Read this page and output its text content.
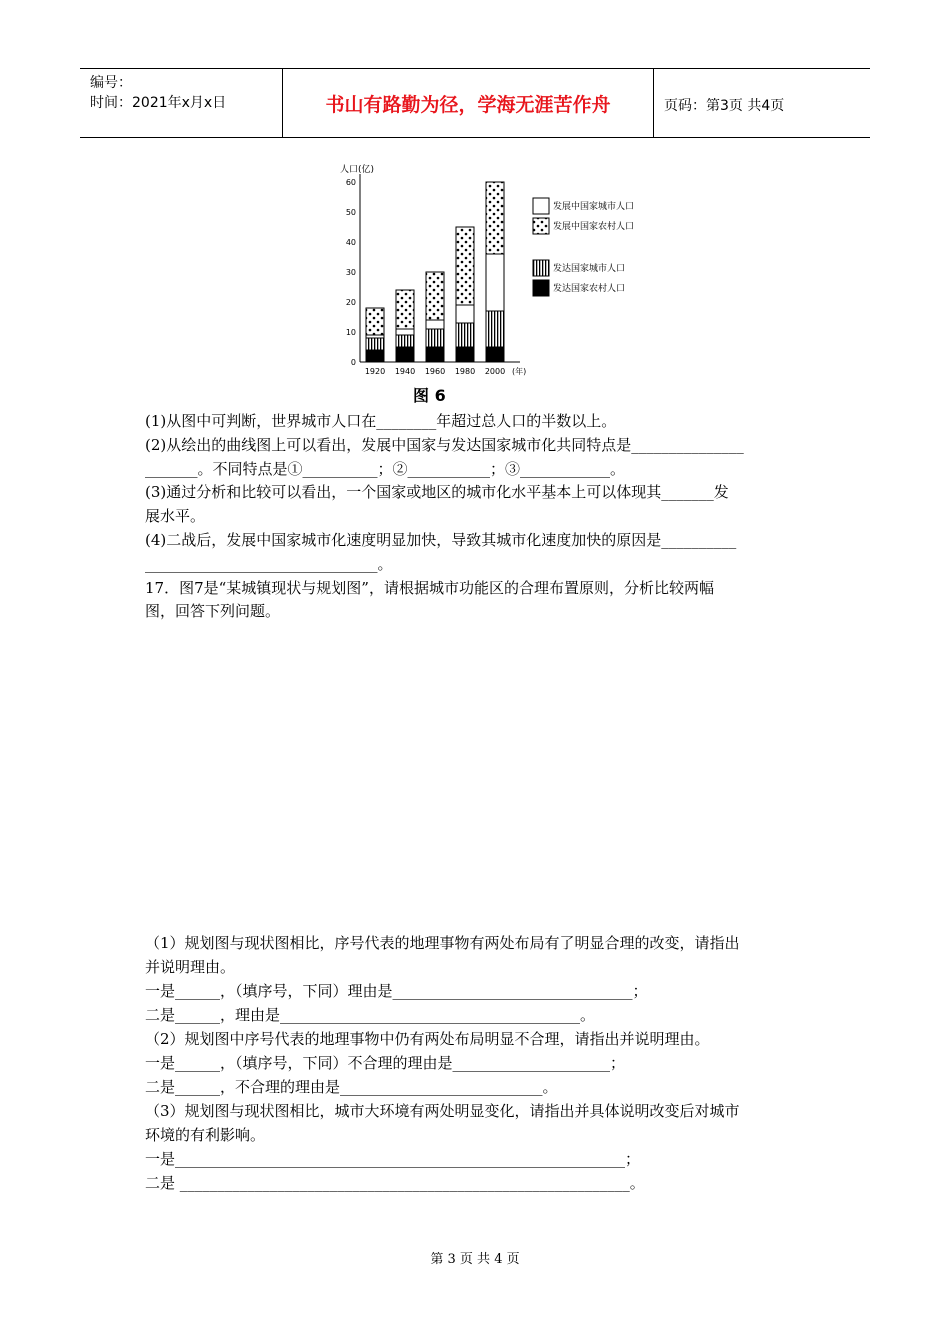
编号：
时间：2021年x月x日	书山有路勤为径，学海无涯苦作舟	页码：第3页 共4页
人口(亿)
0
10
20
30
40
50
60
1920 1940 1960 1980 2000 (年)
发展中国家城市人口
发展中国家农村人口
发达国家城市人口
发达国家农村人口
图 6
(1)从图中可判断，世界城市人口在________年超过总人口的半数以上。
(2)从绘出的曲线图上可以看出，发展中国家与发达国家城市化共同特点是_______________
_______。不同特点是①__________；②___________；③____________。
(3)通过分析和比较可以看出，一个国家或地区的城市化水平基本上可以体现其_______发
展水平。
(4)二战后，发展中国家城市化速度明显加快，导致其城市化速度加快的原因是__________
_______________________________。
17．图7是“某城镇现状与规划图”，请根据城市功能区的合理布置原则，分析比较两幅
图，回答下列问题。
（1）规划图与现状图相比，序号代表的地理事物有两处布局有了明显合理的改变，请指出
并说明理由。
一是______，（填序号，下同）理由是________________________________；
二是______，理由是________________________________________。
（2）规划图中序号代表的地理事物中仍有两处布局明显不合理，请指出并说明理由。
一是______，（填序号，下同）不合理的理由是_____________________；
二是______，不合理的理由是___________________________。
（3）规划图与现状图相比，城市大环境有两处明显变化，请指出并具体说明改变后对城市
环境的有利影响。
一是____________________________________________________________；
二是 ____________________________________________________________。
第 3 页 共 4 页
